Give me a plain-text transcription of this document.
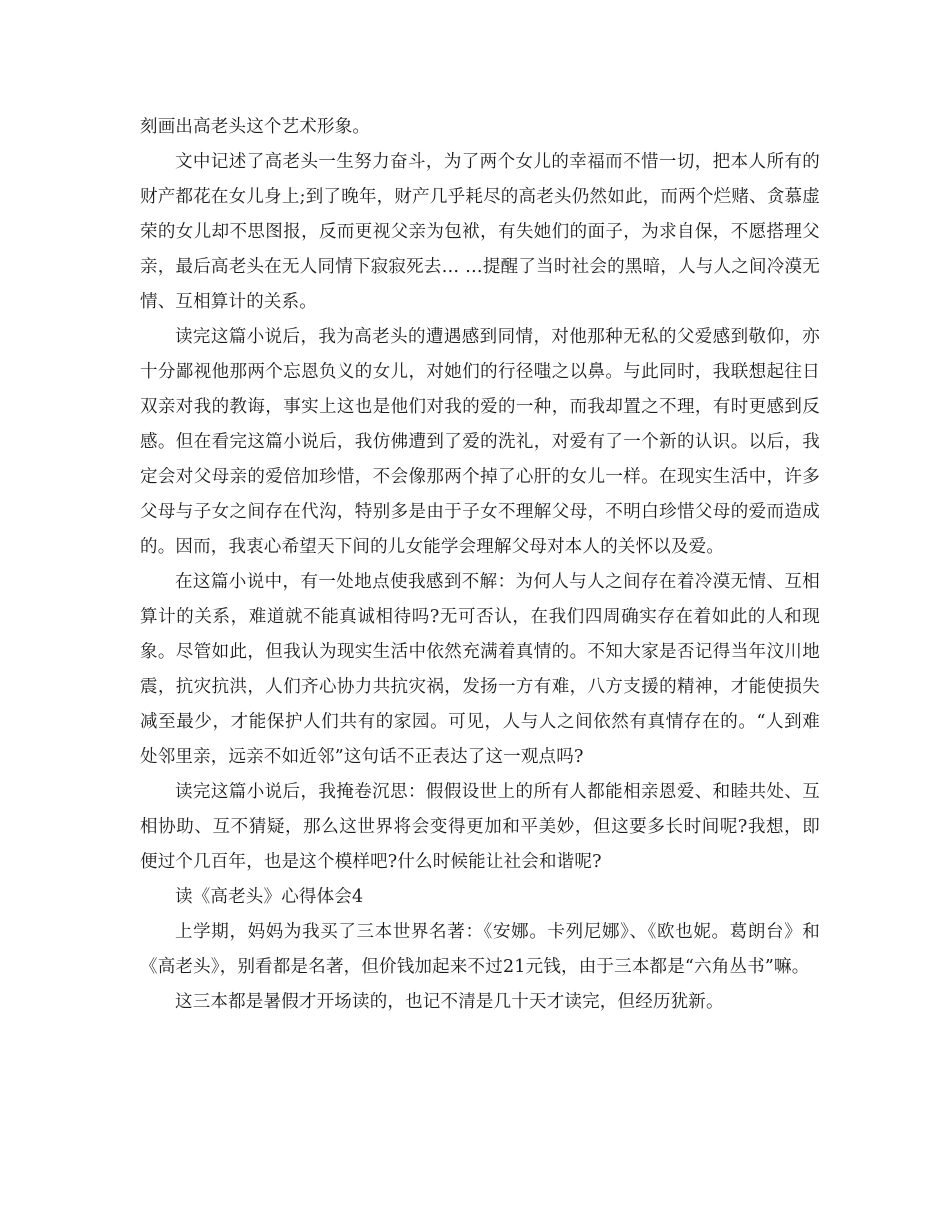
刻画出高老头这个艺术形象。

文中记述了高老头一生努力奋斗，为了两个女儿的幸福而不惜一切，把本人所有的财产都花在女儿身上;到了晚年，财产几乎耗尽的高老头仍然如此，而两个烂赌、贪慕虚荣的女儿却不思图报，反而更视父亲为包袱，有失她们的面子，为求自保，不愿搭理父亲，最后高老头在无人同情下寂寂死去… …提醒了当时社会的黑暗，人与人之间冷漠无情、互相算计的关系。

读完这篇小说后，我为高老头的遭遇感到同情，对他那种无私的父爱感到敬仰，亦十分鄙视他那两个忘恩负义的女儿，对她们的行径嗤之以鼻。与此同时，我联想起往日双亲对我的教诲，事实上这也是他们对我的爱的一种，而我却置之不理，有时更感到反感。但在看完这篇小说后，我仿佛遭到了爱的洗礼，对爱有了一个新的认识。以后，我定会对父母亲的爱倍加珍惜，不会像那两个掉了心肝的女儿一样。在现实生活中，许多父母与子女之间存在代沟，特别多是由于子女不理解父母，不明白珍惜父母的爱而造成的。因而，我衷心希望天下间的儿女能学会理解父母对本人的关怀以及爱。

在这篇小说中，有一处地点使我感到不解：为何人与人之间存在着冷漠无情、互相算计的关系，难道就不能真诚相待吗?无可否认，在我们四周确实存在着如此的人和现象。尽管如此，但我认为现实生活中依然充满着真情的。不知大家是否记得当年汶川地震，抗灾抗洪，人们齐心协力共抗灾祸，发扬一方有难，八方支援的精神，才能使损失减至最少，才能保护人们共有的家园。可见，人与人之间依然有真情存在的。“人到难处邻里亲，远亲不如近邻”这句话不正表达了这一观点吗?

读完这篇小说后，我掩卷沉思：假假设世上的所有人都能相亲恩爱、和睦共处、互相协助、互不猜疑，那么这世界将会变得更加和平美妙，但这要多长时间呢?我想，即便过个几百年，也是这个模样吧?什么时候能让社会和谐呢?

读《高老头》心得体会4

上学期，妈妈为我买了三本世界名著：《安娜。卡列尼娜》、《欧也妮。葛朗台》和《高老头》，别看都是名著，但价钱加起来不过21元钱，由于三本都是“六角丛书”嘛。

这三本都是暑假才开场读的，也记不清是几十天才读完，但经历犹新。
